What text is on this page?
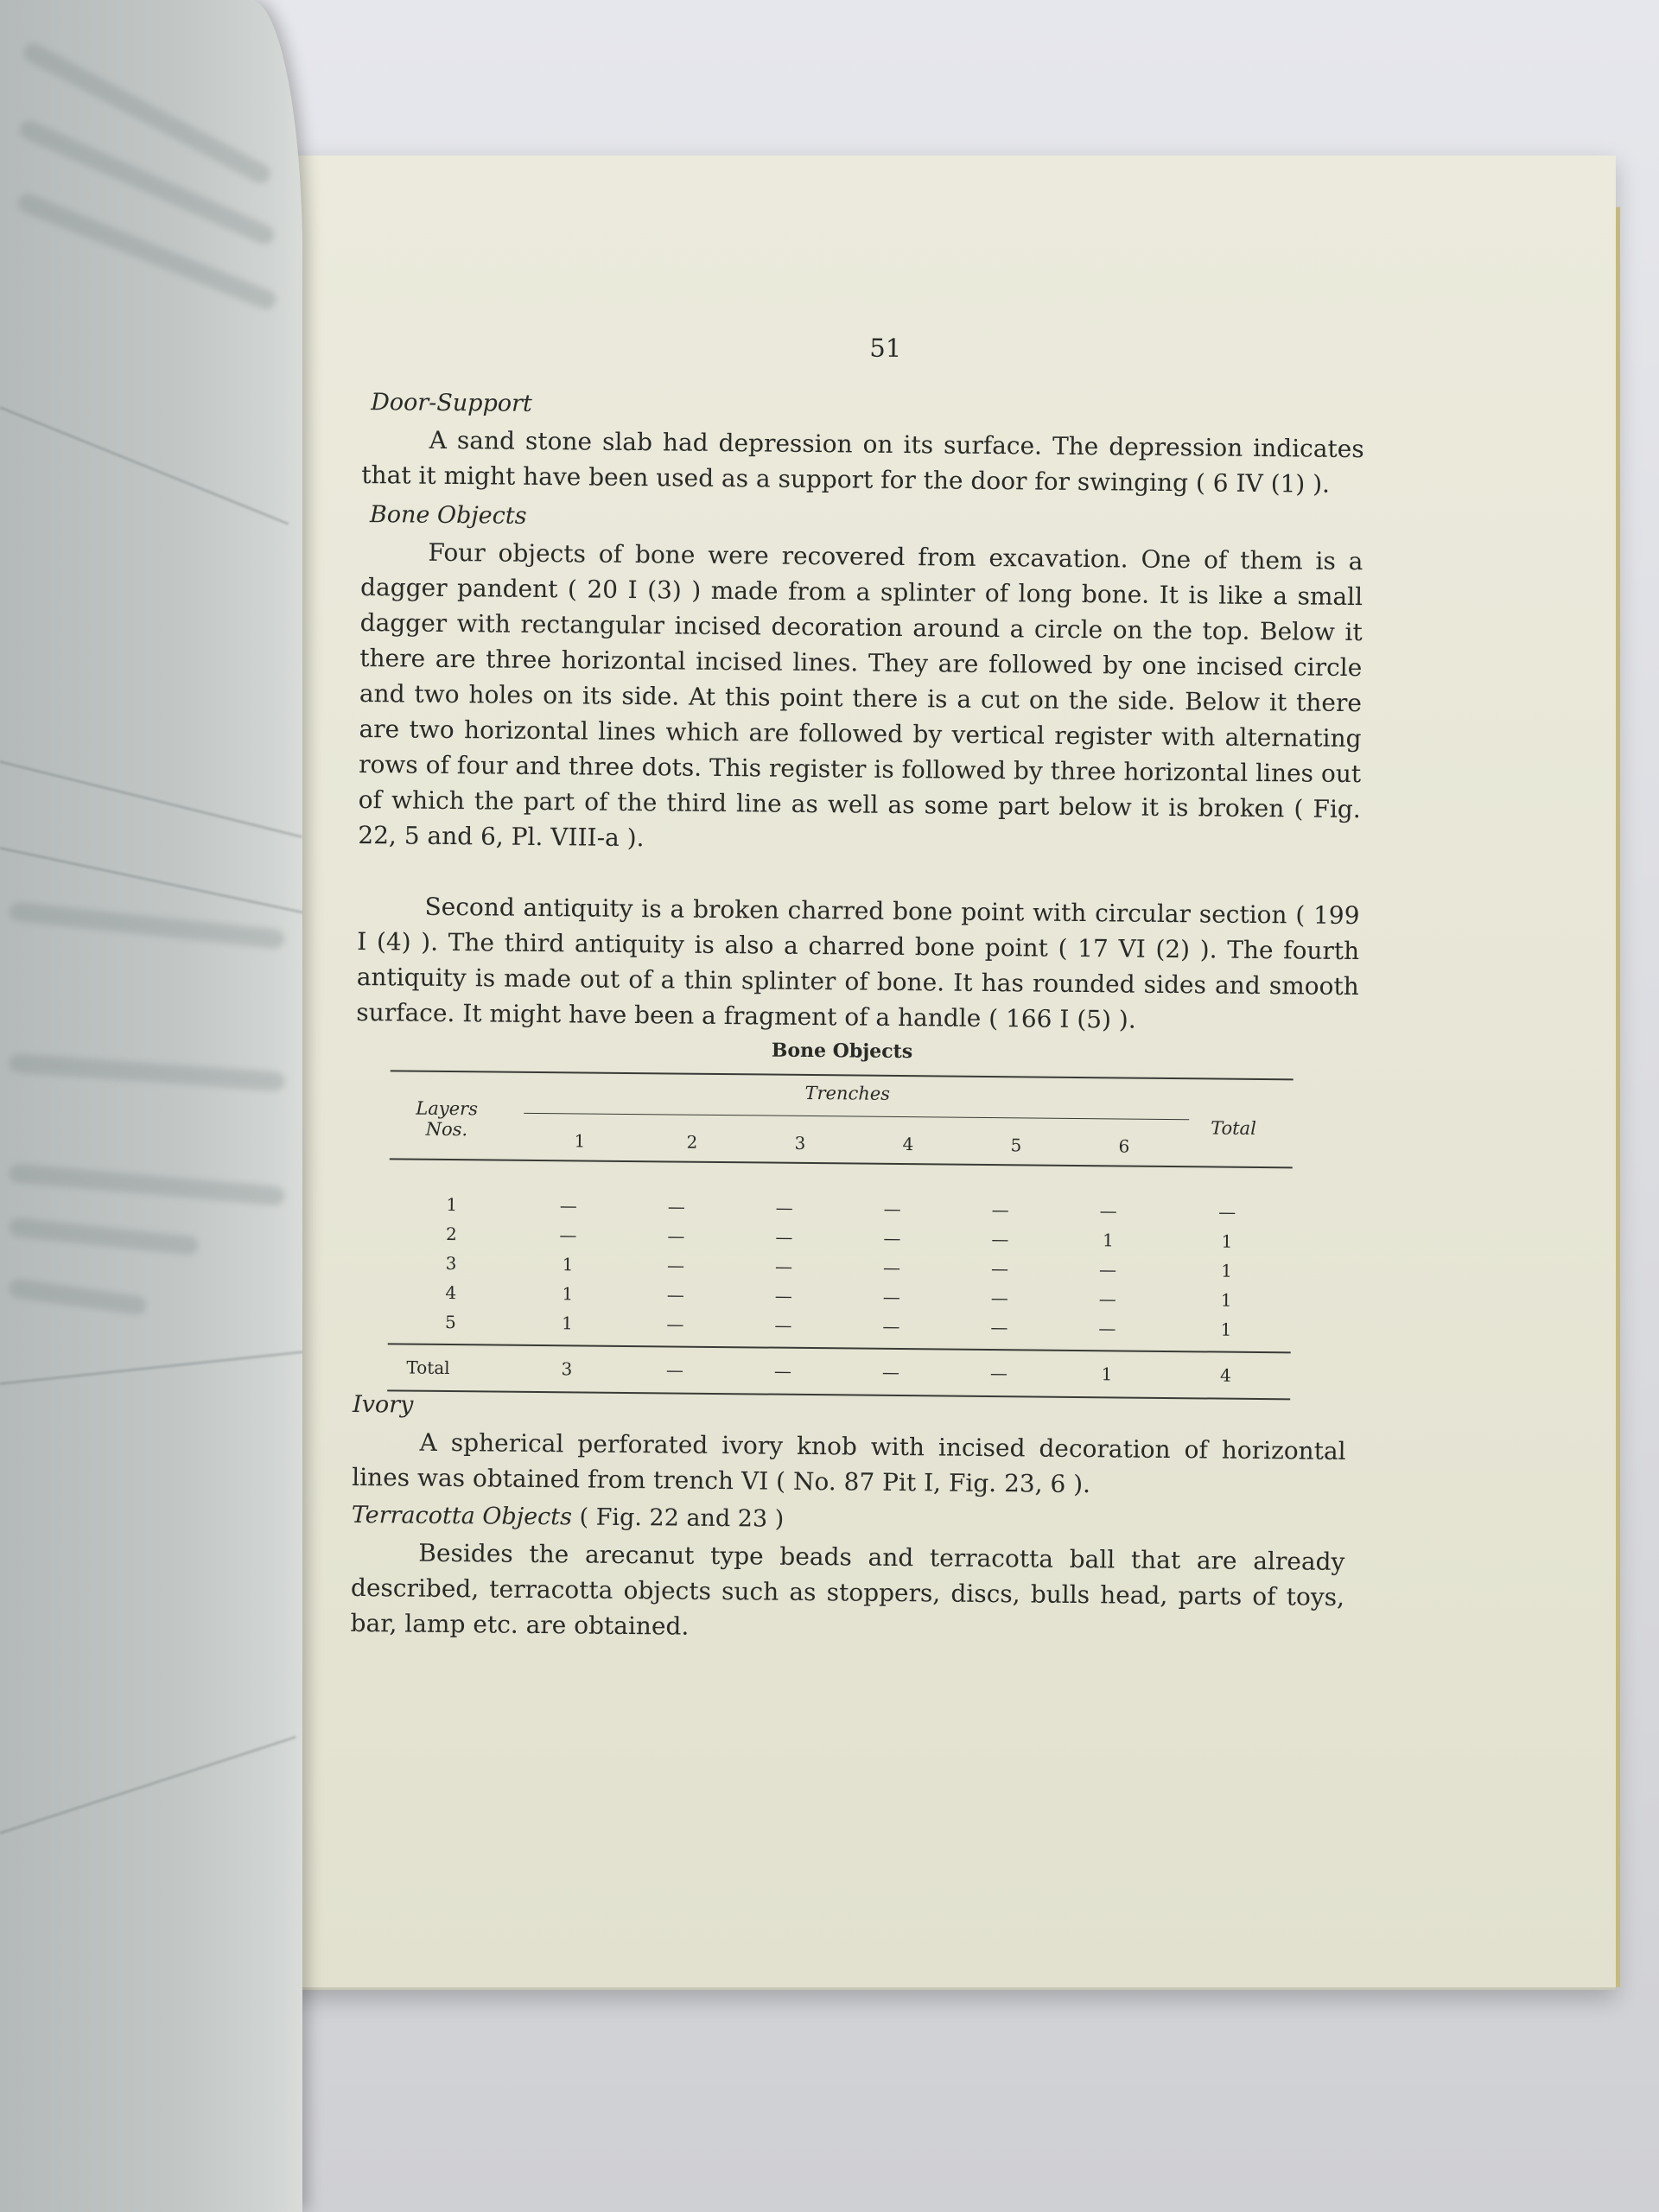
51
Door-Support
A sand stone slab had depression on its surface. The depression indicates that it might have been used as a support for the door for swinging ( 6 IV (1) ).
Bone Objects
Four objects of bone were recovered from excavation. One of them is a dagger pandent ( 20 I (3) ) made from a splinter of long bone. It is like a small dagger with rectangular incised decoration around a circle on the top. Below it there are three horizontal incised lines. They are followed by one incised circle and two holes on its side. At this point there is a cut on the side. Below it there are two horizontal lines which are followed by vertical register with alternating rows of four and three dots. This register is followed by three horizontal lines out of which the part of the third line as well as some part below it is broken ( Fig. 22, 5 and 6, Pl. VIII-a ).
Second antiquity is a broken charred bone point with circular section ( 199 I (4) ). The third antiquity is also a charred bone point ( 17 VI (2) ). The fourth antiquity is made out of a thin splinter of bone. It has rounded sides and smooth surface. It might have been a fragment of a handle ( 166 I (5) ).
Bone Objects
Layers
Nos.
Trenches
1	2	3	4	5	6
Total

1	—	—	—	—	—	—	—
2	—	—	—	—	—	1	1
3	1	—	—	—	—	—	1
4	1	—	—	—	—	—	1
5	1	—	—	—	—	—	1
Total	3	—	—	—	—	1	4
Ivory
A spherical perforated ivory knob with incised decoration of horizontal lines was obtained from trench VI ( No. 87 Pit I, Fig. 23, 6 ).
Terracotta Objects ( Fig. 22 and 23 )
Besides the arecanut type beads and terracotta ball that are already described, terracotta objects such as stoppers, discs, bulls head, parts of toys, bar, lamp etc. are obtained.
